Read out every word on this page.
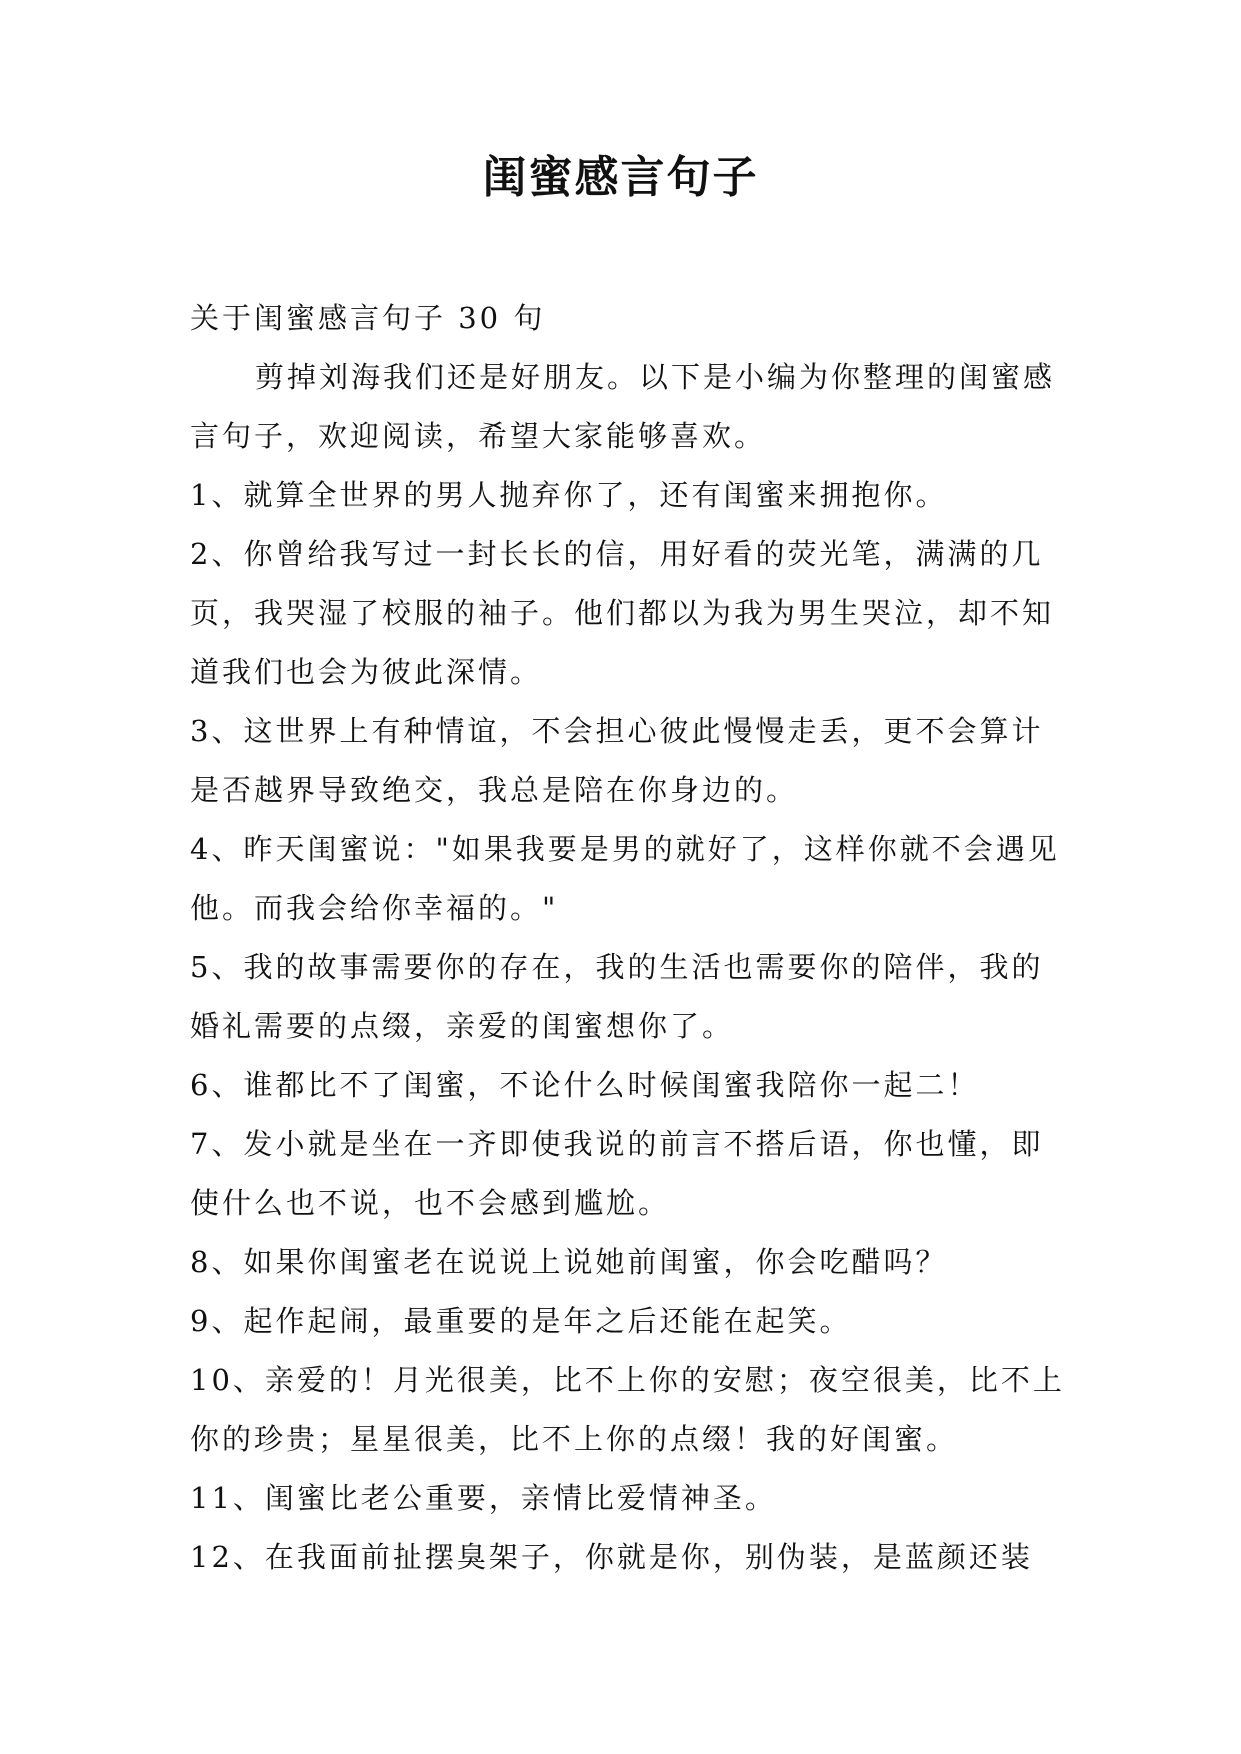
闺蜜感言句子

关于闺蜜感言句子 30 句

剪掉刘海我们还是好朋友。以下是小编为你整理的闺蜜感言句子，欢迎阅读，希望大家能够喜欢。

1、就算全世界的男人抛弃你了，还有闺蜜来拥抱你。

2、你曾给我写过一封长长的信，用好看的荧光笔，满满的几页，我哭湿了校服的袖子。他们都以为我为男生哭泣，却不知道我们也会为彼此深情。

3、这世界上有种情谊，不会担心彼此慢慢走丢，更不会算计是否越界导致绝交，我总是陪在你身边的。

4、昨天闺蜜说："如果我要是男的就好了，这样你就不会遇见他。而我会给你幸福的。"

5、我的故事需要你的存在，我的生活也需要你的陪伴，我的婚礼需要的点缀，亲爱的闺蜜想你了。

6、谁都比不了闺蜜，不论什么时候闺蜜我陪你一起二！

7、发小就是坐在一齐即使我说的前言不搭后语，你也懂，即使什么也不说，也不会感到尴尬。

8、如果你闺蜜老在说说上说她前闺蜜，你会吃醋吗？

9、起作起闹，最重要的是年之后还能在起笑。

10、亲爱的！月光很美，比不上你的安慰；夜空很美，比不上你的珍贵；星星很美，比不上你的点缀！我的好闺蜜。

11、闺蜜比老公重要，亲情比爱情神圣。

12、在我面前扯摆臭架子，你就是你，别伪装，是蓝颜还装
